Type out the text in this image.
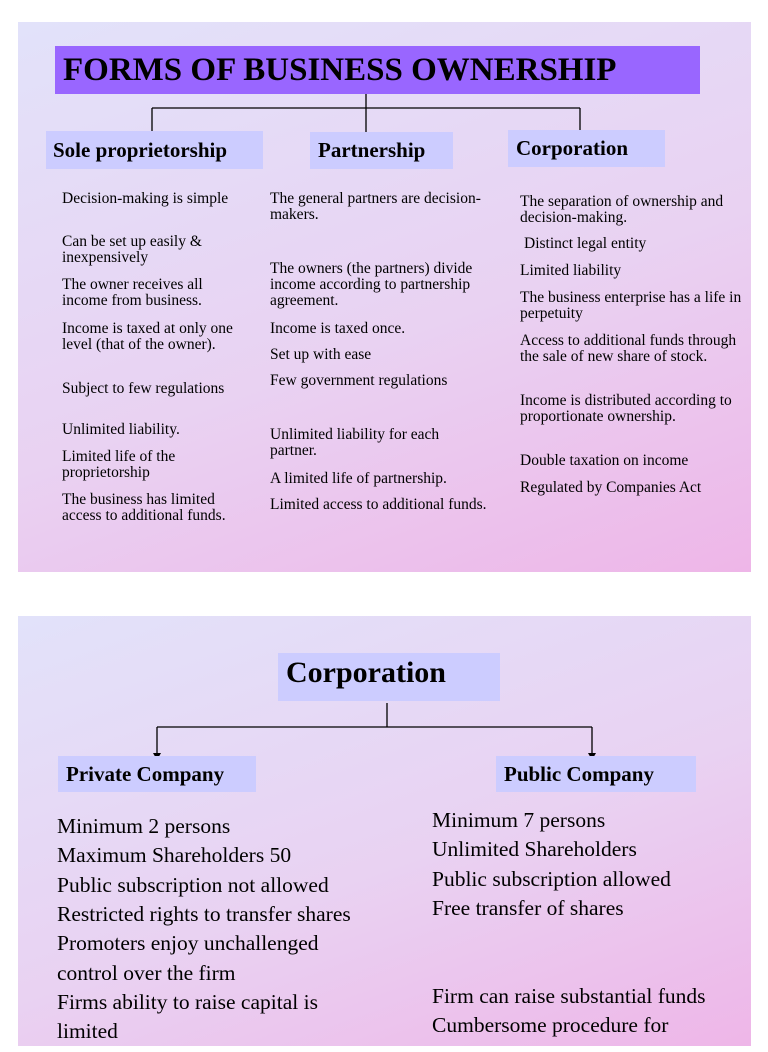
FORMS OF BUSINESS OWNERSHIP
Sole proprietorship	Partnership	Corporation
Decision-making is simple
Can be set up easily & inexpensively
The owner receives all income from business.
Income is taxed at only one level (that of the owner).
Subject to few regulations
Unlimited liability.
Limited life of the proprietorship
The business has limited access to additional funds.
The general partners are decision-makers.
The owners (the partners) divide income according to partnership agreement.
Income is taxed once.
Set up with ease
Few government regulations
Unlimited liability for each partner.
A limited life of partnership.
Limited access to additional funds.
The separation of ownership and decision-making.
Distinct legal entity
Limited liability
The business enterprise has a life in perpetuity
Access to additional funds through the sale of new share of stock.
Income is distributed according to proportionate ownership.
Double taxation on income
Regulated by Companies Act
Corporation
Private Company	Public Company
Minimum 2 persons
Maximum Shareholders 50
Public subscription not allowed
Restricted rights to transfer shares
Promoters enjoy unchallenged
control over the firm
Firms ability to raise capital is
limited
Minimum 7 persons
Unlimited Shareholders
Public subscription allowed
Free transfer of shares
Firm can raise substantial funds
Cumbersome procedure for
